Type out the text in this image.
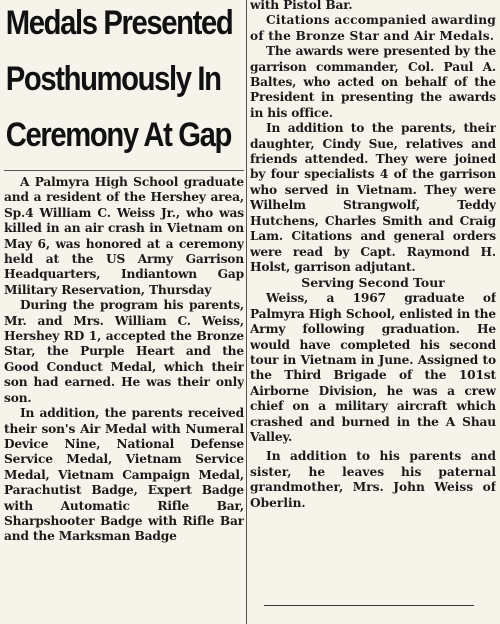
Medals Presented
Posthumously In
Ceremony At Gap

A Palmyra High School graduate and a resident of the Hershey area, Sp.4 William C. Weiss Jr., who was killed in an air crash in Vietnam on May 6, was honored at a ceremony held at the US Army Garrison Headquarters, Indiantown Gap Military Reservation, Thursday

During the program his parents, Mr. and Mrs. William C. Weiss, Hershey RD 1, accepted the Bronze Star, the Purple Heart and the Good Conduct Medal, which their son had earned. He was their only son.

In addition, the parents received their son's Air Medal with Numeral Device Nine, National Defense Service Medal, Vietnam Service Medal, Vietnam Campaign Medal, Parachutist Badge, Expert Badge with Automatic Rifle Bar, Sharpshooter Badge with Rifle Bar and the Marksman Badge

with Pistol Bar.

Citations accompanied awarding of the Bronze Star and Air Medals.

The awards were presented by the garrison commander, Col. Paul A. Baltes, who acted on behalf of the President in presenting the awards in his office.

In addition to the parents, their daughter, Cindy Sue, relatives and friends attended. They were joined by four specialists 4 of the garrison who served in Vietnam. They were Wilhelm Strangwolf, Teddy Hutchens, Charles Smith and Craig Lam. Citations and general orders were read by Capt. Raymond H. Holst, garrison adjutant.

Serving Second Tour

Weiss, a 1967 graduate of Palmyra High School, enlisted in the Army following graduation. He would have completed his second tour in Vietnam in June. Assigned to the Third Brigade of the 101st Airborne Division, he was a crew chief on a military aircraft which crashed and burned in the A Shau Valley.

In addition to his parents and sister, he leaves his paternal grandmother, Mrs. John Weiss of Oberlin.
